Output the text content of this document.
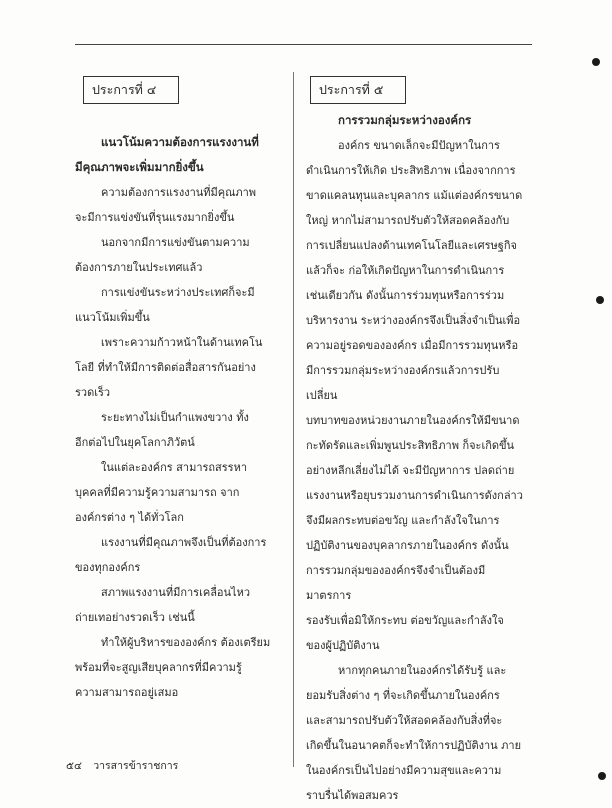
ประการที่ ๔

แนวโน้มความต้องการแรงงานที่

มีคุณภาพจะเพิ่มมากยิ่งขึ้น

ความต้องการแรงงานที่มีคุณภาพ

จะมีการแข่งขันที่รุนแรงมากยิ่งขึ้น

นอกจากมีการแข่งขันตามความ

ต้องการภายในประเทศแล้ว

การแข่งขันระหว่างประเทศก็จะมี

แนวโน้มเพิ่มขึ้น

เพราะความก้าวหน้าในด้านเทคโน

โลยี ที่ทำให้มีการติดต่อสื่อสารกันอย่าง

รวดเร็ว

ระยะทางไม่เป็นกำแพงขวาง ทั้ง

อีกต่อไปในยุคโลกาภิวัตน์

ในแต่ละองค์กร สามารถสรรหา

บุคคลที่มีความรู้ความสามารถ จาก

องค์กรต่าง ๆ ได้ทั่วโลก

แรงงานที่มีคุณภาพจึงเป็นที่ต้องการ

ของทุกองค์กร

สภาพแรงงานที่มีการเคลื่อนไหว

ถ่ายเทอย่างรวดเร็ว เช่นนี้

ทำให้ผู้บริหารขององค์กร ต้องเตรียม

พร้อมที่จะสูญเสียบุคลากรที่มีความรู้

ความสามารถอยู่เสมอ

ประการที่ ๕

การรวมกลุ่มระหว่างองค์กร

องค์กร ขนาดเล็กจะมีปัญหาในการ

ดำเนินการให้เกิด ประสิทธิภาพ เนื่องจากการ

ขาดแคลนทุนและบุคลากร แม้แต่องค์กรขนาด

ใหญ่ หากไม่สามารถปรับตัวให้สอดคล้องกับ

การเปลี่ยนแปลงด้านเทคโนโลยีและเศรษฐกิจ

แล้วก็จะ ก่อให้เกิดปัญหาในการดำเนินการ

เช่นเดียวกัน ดังนั้นการร่วมทุนหรือการร่วม

บริหารงาน ระหว่างองค์กรจึงเป็นสิ่งจำเป็นเพื่อ

ความอยู่รอดขององค์กร เมื่อมีการรวมทุนหรือ

มีการรวมกลุ่มระหว่างองค์กรแล้วการปรับเปลี่ยน

บทบาทของหน่วยงานภายในองค์กรให้มีขนาด

กะทัดรัดและเพิ่มพูนประสิทธิภาพ ก็จะเกิดขึ้น

อย่างหลีกเลี่ยงไม่ได้ จะมีปัญหาการ ปลดถ่าย

แรงงานหรือยุบรวมงานการดำเนินการดังกล่าว

จึงมีผลกระทบต่อขวัญ และกำลังใจในการ

ปฏิบัติงานของบุคลากรภายในองค์กร ดังนั้น

การรวมกลุ่มขององค์กรจึงจำเป็นต้องมีมาตรการ

รองรับเพื่อมิให้กระทบ ต่อขวัญและกำลังใจ

ของผู้ปฏิบัติงาน

หากทุกคนภายในองค์กรได้รับรู้ และ

ยอมรับสิ่งต่าง ๆ ที่จะเกิดขึ้นภายในองค์กร

และสามารถปรับตัวให้สอดคล้องกับสิ่งที่จะ

เกิดขึ้นในอนาคตก็จะทำให้การปฏิบัติงาน ภาย

ในองค์กรเป็นไปอย่างมีความสุขและความ

ราบรื่นได้พอสมควร

๕๔ วารสารข้าราชการ
